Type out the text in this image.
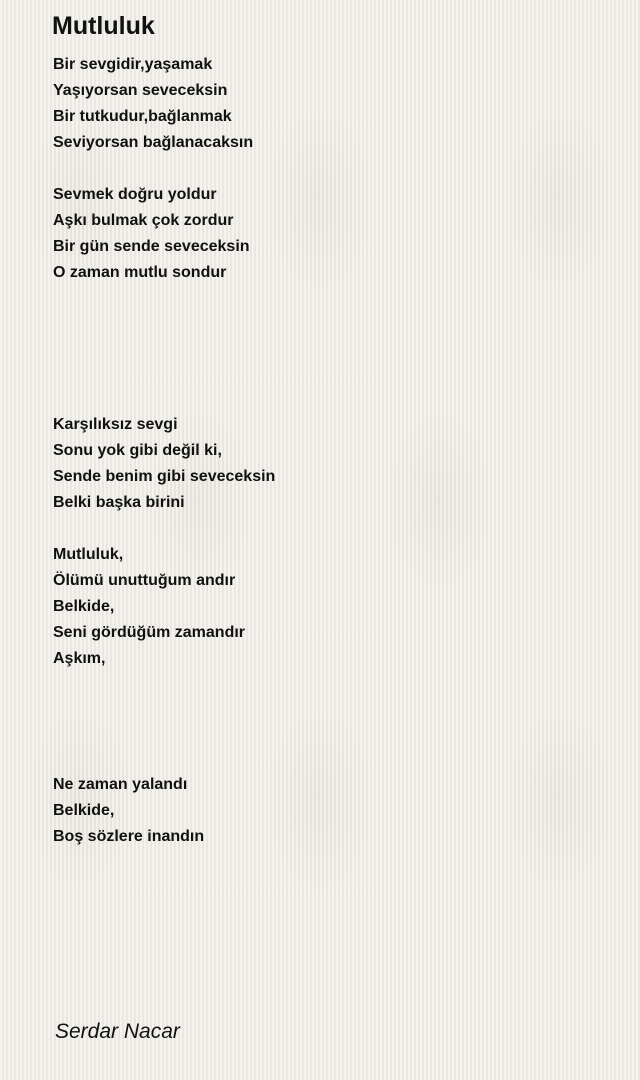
Mutluluk
Bir sevgidir,yaşamak
Yaşıyorsan seveceksin
Bir tutkudur,bağlanmak
Seviyorsan bağlanacaksın
Sevmek doğru yoldur
Aşkı bulmak çok zordur
Bir gün sende seveceksin
O zaman mutlu sondur
Karşılıksız sevgi
Sonu yok gibi değil ki,
Sende benim gibi seveceksin
Belki başka birini
Mutluluk,
Ölümü unuttuğum andır
Belkide,
Seni gördüğüm zamandır
Aşkım,
Ne zaman yalandı
Belkide,
Boş sözlere inandın

Serdar Nacar
